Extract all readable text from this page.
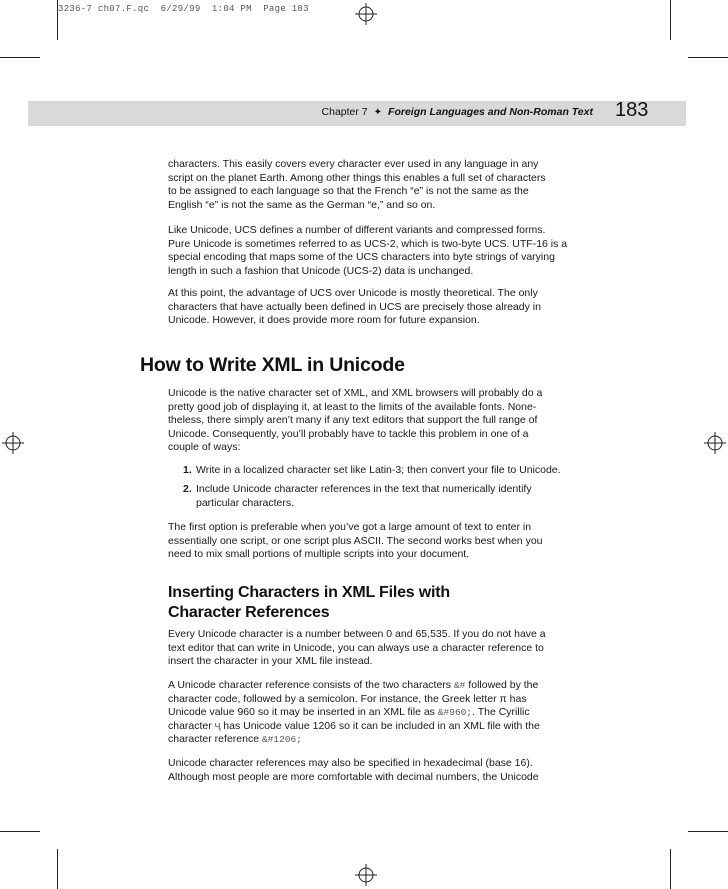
3236-7 ch07.F.qc  6/29/99  1:04 PM  Page 183
Chapter 7 ✦ Foreign Languages and Non-Roman Text 183
characters. This easily covers every character ever used in any language in any
script on the planet Earth. Among other things this enables a full set of characters
to be assigned to each language so that the French “e” is not the same as the
English “e” is not the same as the German “e,” and so on.
Like Unicode, UCS defines a number of different variants and compressed forms.
Pure Unicode is sometimes referred to as UCS-2, which is two-byte UCS. UTF-16 is a
special encoding that maps some of the UCS characters into byte strings of varying
length in such a fashion that Unicode (UCS-2) data is unchanged.
At this point, the advantage of UCS over Unicode is mostly theoretical. The only
characters that have actually been defined in UCS are precisely those already in
Unicode. However, it does provide more room for future expansion.
How to Write XML in Unicode
Unicode is the native character set of XML, and XML browsers will probably do a
pretty good job of displaying it, at least to the limits of the available fonts. None-
theless, there simply aren’t many if any text editors that support the full range of
Unicode. Consequently, you’ll probably have to tackle this problem in one of a
couple of ways:
1. Write in a localized character set like Latin-3; then convert your file to Unicode.
2. Include Unicode character references in the text that numerically identify
particular characters.
The first option is preferable when you’ve got a large amount of text to enter in
essentially one script, or one script plus ASCII. The second works best when you
need to mix small portions of multiple scripts into your document.
Inserting Characters in XML Files with
Character References
Every Unicode character is a number between 0 and 65,535. If you do not have a
text editor that can write in Unicode, you can always use a character reference to
insert the character in your XML file instead.
A Unicode character reference consists of the two characters &# followed by the
character code, followed by a semicolon. For instance, the Greek letter π has
Unicode value 960 so it may be inserted in an XML file as &#960;. The Cyrillic
character Ҷ has Unicode value 1206 so it can be included in an XML file with the
character reference &#1206;
Unicode character references may also be specified in hexadecimal (base 16).
Although most people are more comfortable with decimal numbers, the Unicode
